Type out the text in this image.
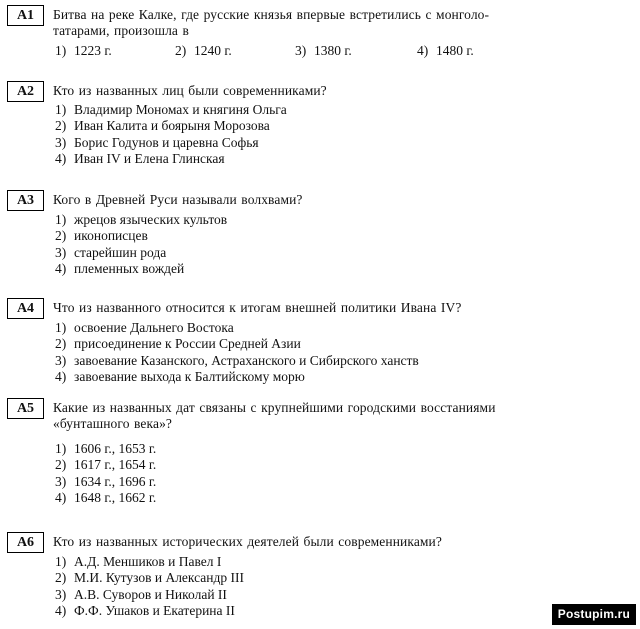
A1	Битва на реке Калке, где русские князья впервые встретились с монголо-татарами, произошла в
1) 1223 г.	2) 1240 г.	3) 1380 г.	4) 1480 г.
A2	Кто из названных лиц были современниками?
1) Владимир Мономах и княгиня Ольга
2) Иван Калита и боярыня Морозова
3) Борис Годунов и царевна Софья
4) Иван IV и Елена Глинская
A3	Кого в Древней Руси называли волхвами?
1) жрецов языческих культов
2) иконописцев
3) старейшин рода
4) племенных вождей
A4	Что из названного относится к итогам внешней политики Ивана IV?
1) освоение Дальнего Востока
2) присоединение к России Средней Азии
3) завоевание Казанского, Астраханского и Сибирского ханств
4) завоевание выхода к Балтийскому морю
A5	Какие из названных дат связаны с крупнейшими городскими восстаниями «бунташного века»?
1) 1606 г., 1653 г.
2) 1617 г., 1654 г.
3) 1634 г., 1696 г.
4) 1648 г., 1662 г.
A6	Кто из названных исторических деятелей были современниками?
1) А.Д. Меншиков и Павел I
2) М.И. Кутузов и Александр III
3) А.В. Суворов и Николай II
4) Ф.Ф. Ушаков и Екатерина II	Postupim.ru
